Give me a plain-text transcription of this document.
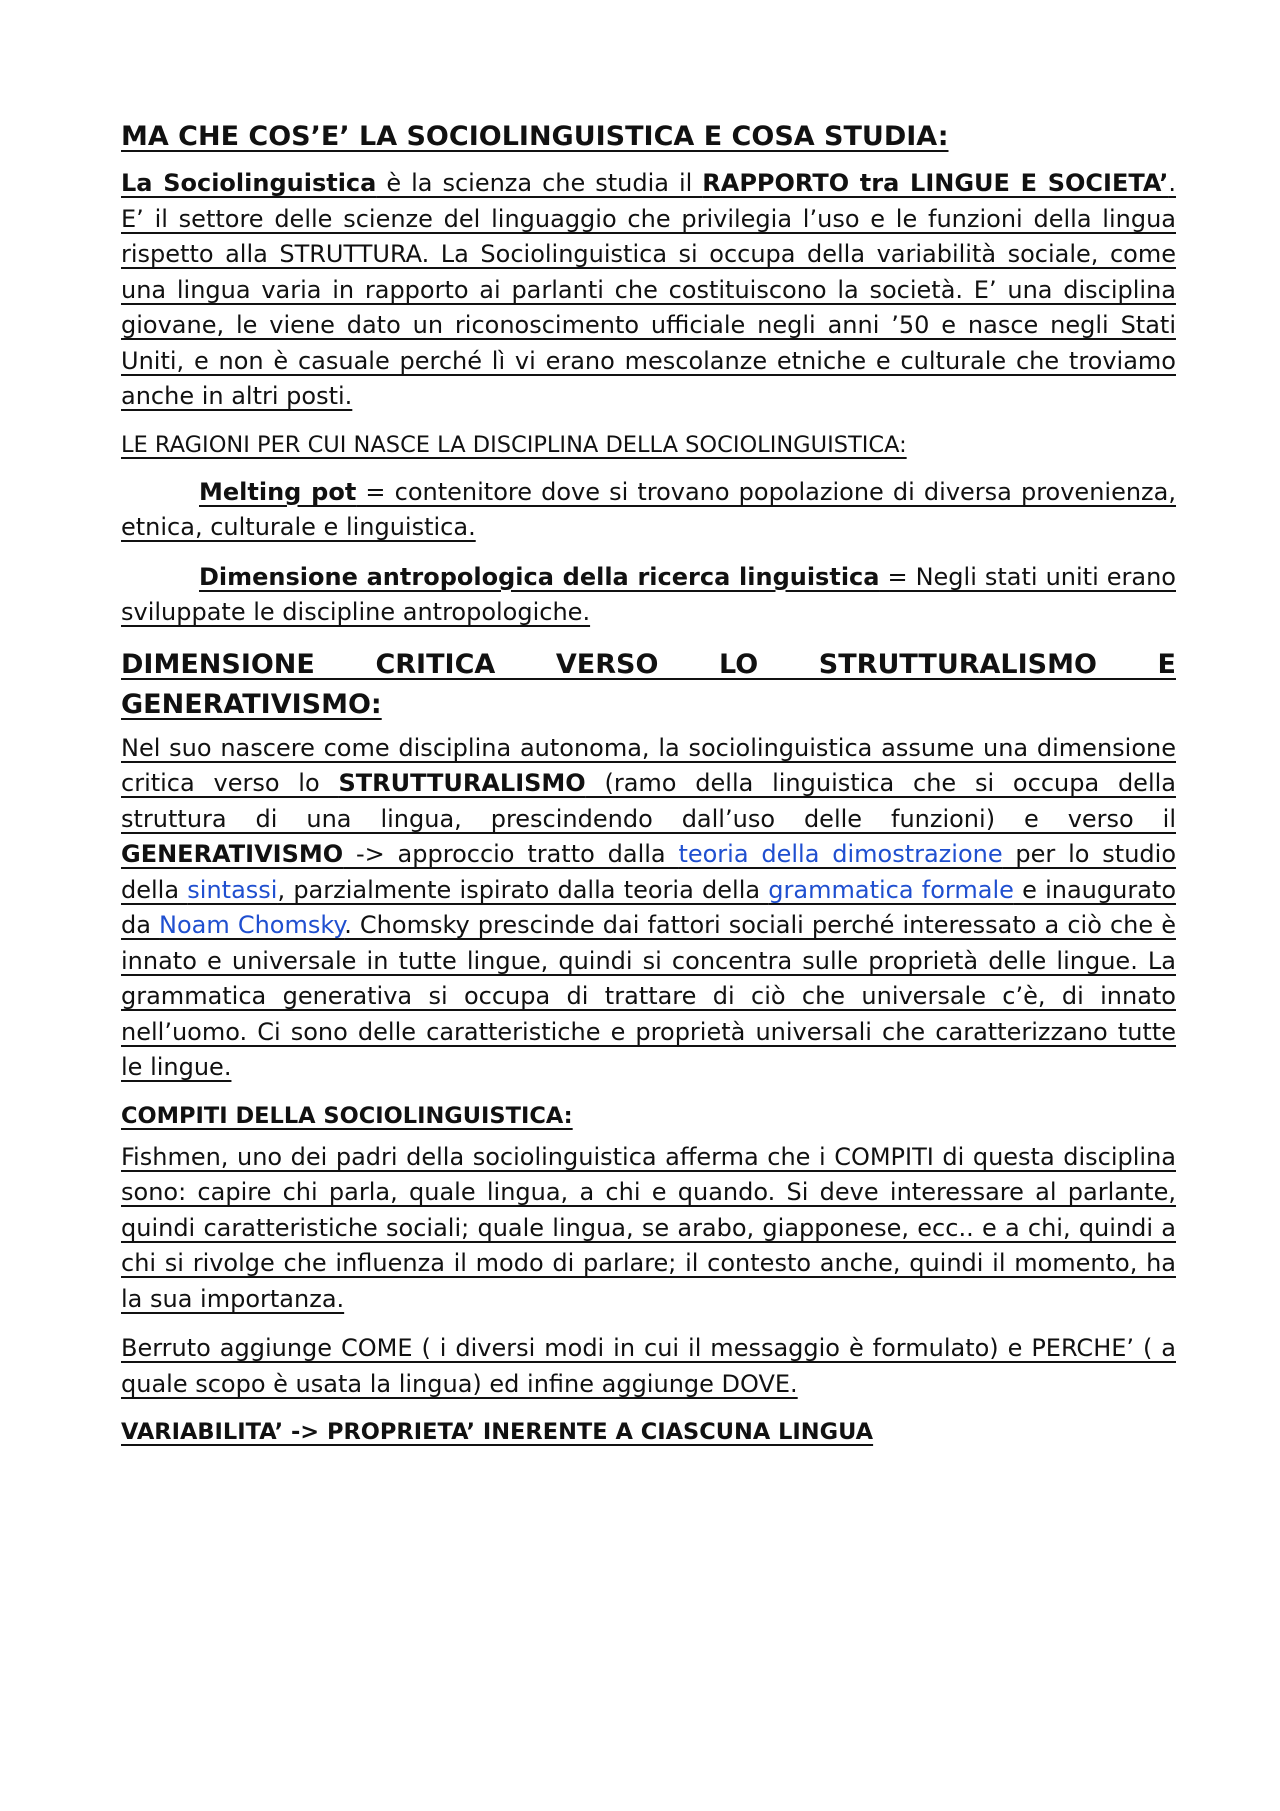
MA CHE COS’E’ LA SOCIOLINGUISTICA E COSA STUDIA:

La Sociolinguistica è la scienza che studia il RAPPORTO tra LINGUE E SOCIETA’. E’ il settore delle scienze del linguaggio che privilegia l’uso e le funzioni della lingua rispetto alla STRUTTURA. La Sociolinguistica si occupa della variabilità sociale, come una lingua varia in rapporto ai parlanti che costituiscono la società. E’ una disciplina giovane, le viene dato un riconoscimento ufficiale negli anni ’50 e nasce negli Stati Uniti, e non è casuale perché lì vi erano mescolanze etniche e culturale che troviamo anche in altri posti.

LE RAGIONI PER CUI NASCE LA DISCIPLINA DELLA SOCIOLINGUISTICA:

Melting pot = contenitore dove si trovano popolazione di diversa provenienza, etnica, culturale e linguistica.

Dimensione antropologica della ricerca linguistica = Negli stati uniti erano sviluppate le discipline antropologiche.

DIMENSIONE CRITICA VERSO LO STRUTTURALISMO E GENERATIVISMO:

Nel suo nascere come disciplina autonoma, la sociolinguistica assume una dimensione critica verso lo STRUTTURALISMO (ramo della linguistica che si occupa della struttura di una lingua, prescindendo dall’uso delle funzioni) e verso il GENERATIVISMO -> approccio tratto dalla teoria della dimostrazione per lo studio della sintassi, parzialmente ispirato dalla teoria della grammatica formale e inaugurato da Noam Chomsky. Chomsky prescinde dai fattori sociali perché interessato a ciò che è innato e universale in tutte lingue, quindi si concentra sulle proprietà delle lingue. La grammatica generativa si occupa di trattare di ciò che universale c’è, di innato nell’uomo. Ci sono delle caratteristiche e proprietà universali che caratterizzano tutte le lingue.

COMPITI DELLA SOCIOLINGUISTICA:

Fishmen, uno dei padri della sociolinguistica afferma che i COMPITI di questa disciplina sono: capire chi parla, quale lingua, a chi e quando. Si deve interessare al parlante, quindi caratteristiche sociali; quale lingua, se arabo, giapponese, ecc.. e a chi, quindi a chi si rivolge che influenza il modo di parlare; il contesto anche, quindi il momento, ha la sua importanza.

Berruto aggiunge COME ( i diversi modi in cui il messaggio è formulato) e PERCHE’ ( a quale scopo è usata la lingua) ed infine aggiunge DOVE.

VARIABILITA’ -> PROPRIETA’ INERENTE A CIASCUNA LINGUA
